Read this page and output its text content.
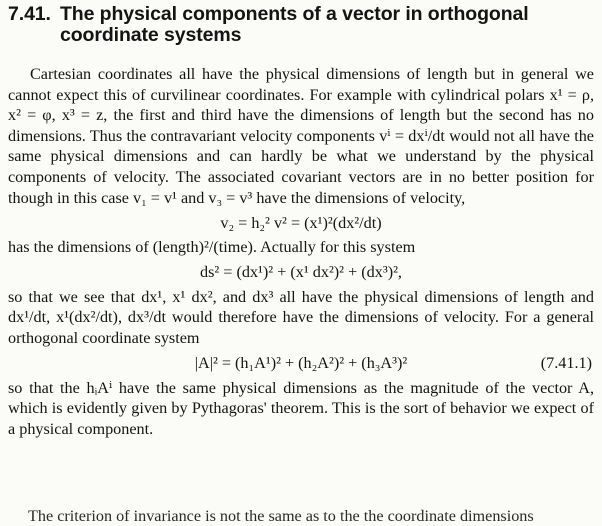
7.41. The physical components of a vector in orthogonal coordinate systems

Cartesian coordinates all have the physical dimensions of length but in general we cannot expect this of curvilinear coordinates. For example with cylindrical polars x¹ = ρ, x² = φ, x³ = z, the first and third have the dimensions of length but the second has no dimensions. Thus the contravariant velocity components vⁱ = dxⁱ/dt would not all have the same physical dimensions and can hardly be what we understand by the physical components of velocity. The associated covariant vectors are in no better position for though in this case v₁ = v¹ and v₃ = v³ have the dimensions of velocity,

v₂ = h₂² v² = (x¹)²(dx²/dt)

has the dimensions of (length)²/(time). Actually for this system

ds² = (dx¹)² + (x¹ dx²)² + (dx³)²,

so that we see that dx¹, x¹ dx², and dx³ all have the physical dimensions of length and dx¹/dt, x¹(dx²/dt), dx³/dt would therefore have the dimensions of velocity. For a general orthogonal coordinate system

|A|² = (h₁A¹)² + (h₂A²)² + (h₃A³)²	(7.41.1)

so that the hᵢAⁱ have the same physical dimensions as the magnitude of the vector A, which is evidently given by Pythagoras' theorem. This is the sort of behavior we expect of a physical component.

The criterion of invariance is not the same as to the the coordinate dimensions
